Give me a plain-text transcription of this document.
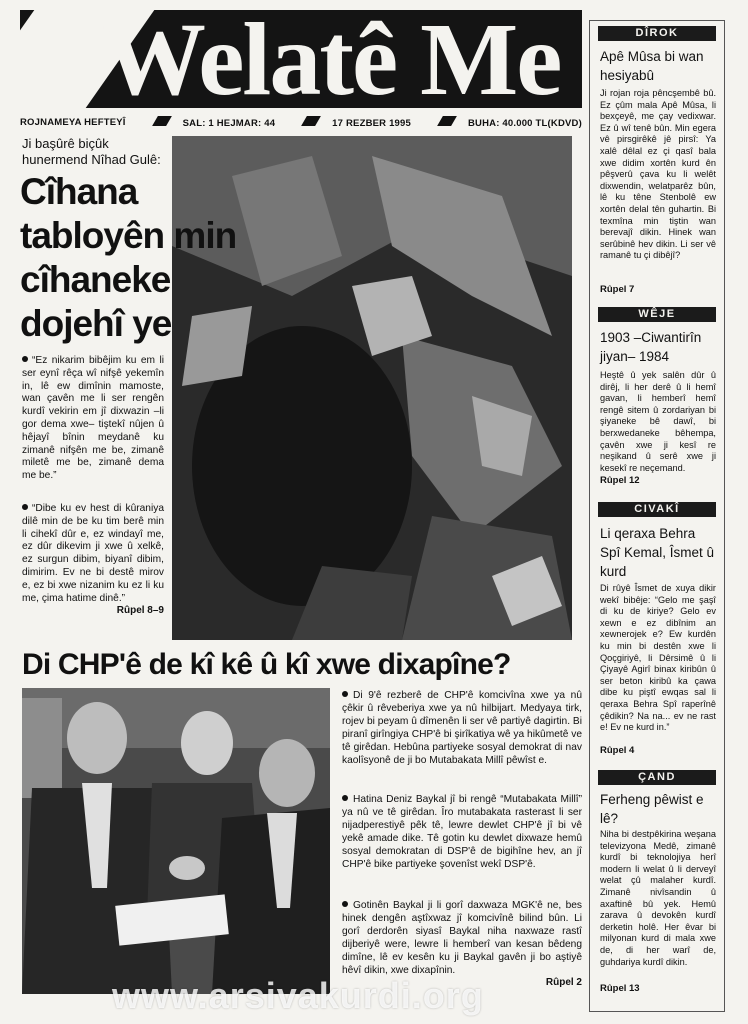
Welatê Me
ROJNAMEYA HEFTEYÎ	SAL: 1 HEJMAR: 44	17 REZBER 1995	BUHA: 40.000 TL(KDVD)
Ji başûrê biçûk hunermend Nîhad Gulê:
Cîhana
tabloyên min
cîhaneke
dojehî ye
“Ez nikarim bibêjim ku em li ser eynî rêça wî nifşê yekemîn in, lê ew dimînin mamoste, wan çavên me li ser rengên kurdî vekirin em jî dixwazin –li gor dema xwe– tiştekî nûjen û hêjayî bînin meydanê ku zimanê nifşên me be, zimanê miletê me be, zimanê dema me be.”
“Dibe ku ev hest di kûraniya dilê min de be ku tim berê min li cihekî dûr e, ez windayî me, ez dûr dikevim ji xwe û xelkê, ez surgun dibim, biyanî dibim, dimirim. Ev ne bi destê mirov e, ez bi xwe nizanim ku ez li ku me, çima hatime dinê.”
Rûpel 8–9
Di CHP'ê de kî kê û kî xwe dixapîne?
Di 9'ê rezberê de CHP'ê komcivîna xwe ya nû çêkir û rêveberiya xwe ya nû hilbijart. Medyaya tirk, rojev bi peyam û dîmenên li ser vê partiyê dagirtin. Bi piranî girîngiya CHP'ê bi şirîkatiya wê ya hikûmetê ve tê girêdan. Hebûna partiyeke sosyal demokrat di nav kaolîsyonê de ji bo Mutabakata Millî pêwîst e.
Hatina Deniz Baykal jî bi rengê “Mutabakata Millî” ya nû ve tê girêdan. Îro mutabakata rasterast li ser nijadperestiyê pêk tê, lewre dewlet CHP'ê jî bi vê yekê amade dike. Tê gotin ku dewlet dixwaze hemû sosyal demokratan di DSP'ê de bigihîne hev, an jî CHP'ê bike partiyeke şovenîst wekî DSP'ê.
Gotinên Baykal ji li gorî daxwaza MGK'ê ne, bes hinek dengên aştîxwaz jî komcivînê bilind bûn. Li gorî derdorên siyasî Baykal niha naxwaze rastî dijberiyê were, lewre li hemberî van kesan bêdeng dimîne, lê ev kesên ku ji Baykal gavên ji bo aştiyê hêvî dikin, xwe dixapînin.
Rûpel 2
DÎROK
Apê Mûsa bi wan hesiyabû
Ji rojan roja pêncşembê bû. Ez çûm mala Apê Mûsa, li bexçeyê, me çay vedixwar. Ez û wî tenê bûn. Min egera vê pirsgirêkê jê pirsî: Ya xalê dêlal ez çi qasî bala xwe didim xortên kurd ên pêşverû çava ku li welêt dixwendin, welatparêz bûn, lê ku têne Stenbolê ew xortên delal tên guhartin. Bi texmîna min tiştin wan berevajî dikin. Hinek wan serûbinê hev dikin. Li ser vê ramanê tu çi dibêjî?
Rûpel 7
WÊJE
1903 –Ciwantirîn jiyan– 1984
Heştê û yek salên dûr û dirêj, li her derê û li hemî gavan, li hemberî hemî rengê sitem û zordariyan bi şiyaneke bê dawî, bi berxwedaneke bêhempa, çavên xwe ji kesî re neşikand û serê xwe ji kesekî re neçemand.
Rûpel 12
CIVAKÎ
Li qeraxa Behra Spî Kemal, Îsmet û kurd
Di rûyê Îsmet de xuya dikir wekî bibêje: “Gelo me şaşî di ku de kiriye? Gelo ev xewn e ez dibînim an xewnerojek e? Ew kurdên ku min bi destên xwe li Qoçgiriyê, li Dêrsimê û li Çiyayê Agirî binax kiribûn û ser beton kiribû ka çawa dibe ku piştî ewqas sal li qeraxa Behra Spî raperînê çêdikin? Na na... ev ne rast e! Ev ne kurd in.”
Rûpel 4
ÇAND
Ferheng pêwist e lê?
Niha bi destpêkirina weşana televizyona Medê, zimanê kurdî bi teknolojiya herî modern li welat û li derveyî welat çû malaher kurdî. Zimanê nivîsandin û axaftinê bû yek. Hemû zarava û devokên kurdî derketin holê. Her êvar bi milyonan kurd di mala xwe de, di her warî de, guhdariya kurdî dikin.
Rûpel 13
www.arsivakurdi.org
